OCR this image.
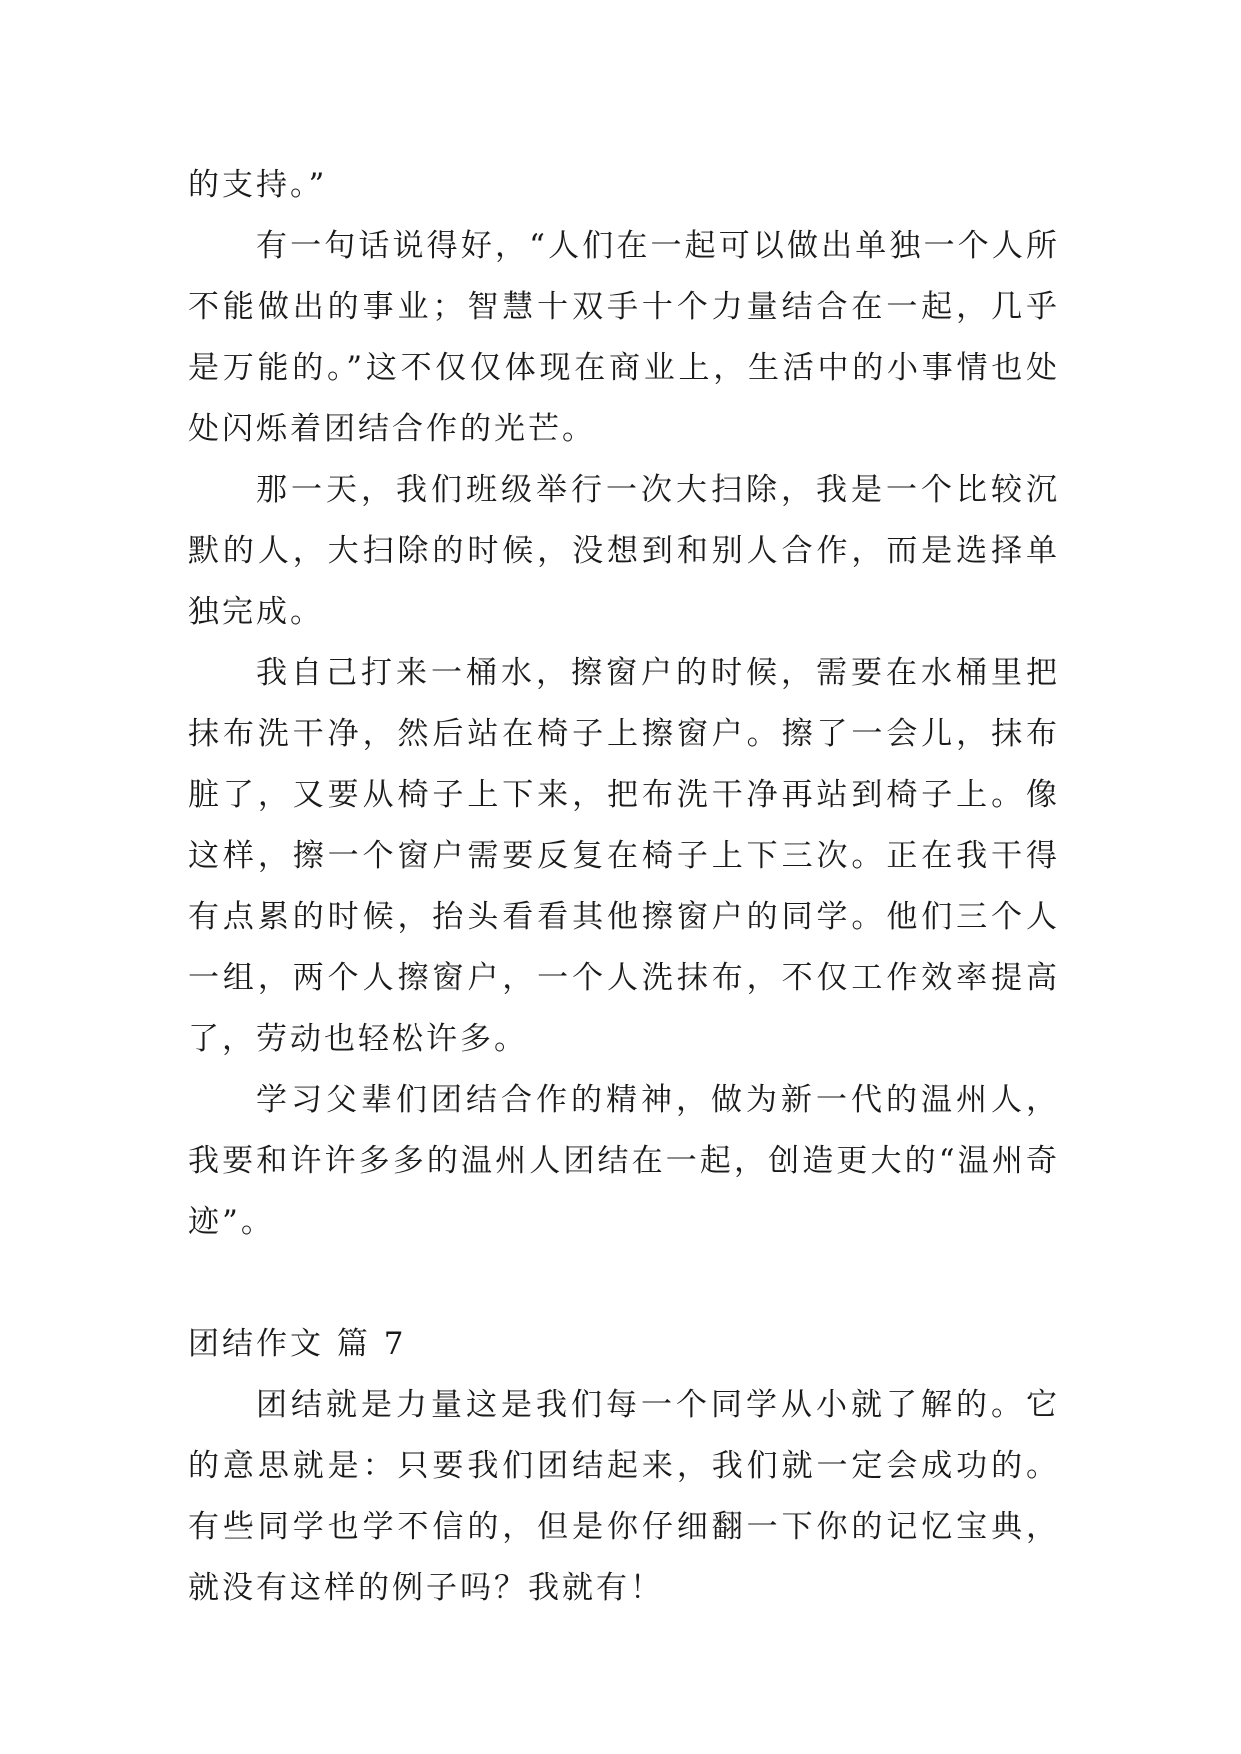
的支持。”

有一句话说得好，“人们在一起可以做出单独一个人所不能做出的事业；智慧十双手十个力量结合在一起，几乎是万能的。”这不仅仅体现在商业上，生活中的小事情也处处闪烁着团结合作的光芒。

那一天，我们班级举行一次大扫除，我是一个比较沉默的人，大扫除的时候，没想到和别人合作，而是选择单独完成。

我自己打来一桶水，擦窗户的时候，需要在水桶里把抹布洗干净，然后站在椅子上擦窗户。擦了一会儿，抹布脏了，又要从椅子上下来，把布洗干净再站到椅子上。像这样，擦一个窗户需要反复在椅子上下三次。正在我干得有点累的时候，抬头看看其他擦窗户的同学。他们三个人一组，两个人擦窗户，一个人洗抹布，不仅工作效率提高了，劳动也轻松许多。

学习父辈们团结合作的精神，做为新一代的温州人，我要和许许多多的温州人团结在一起，创造更大的“温州奇迹”。

团结作文 篇 7

团结就是力量这是我们每一个同学从小就了解的。它的意思就是：只要我们团结起来，我们就一定会成功的。有些同学也学不信的，但是你仔细翻一下你的记忆宝典，就没有这样的例子吗？我就有！
